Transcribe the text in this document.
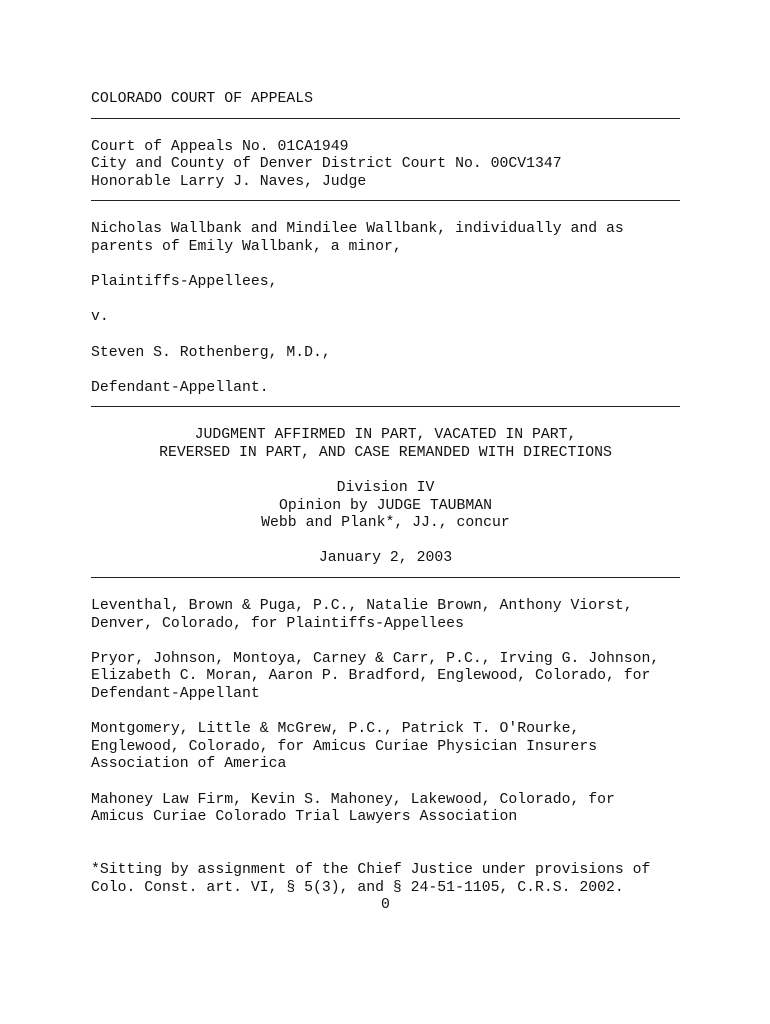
COLORADO COURT OF APPEALS
Court of Appeals No. 01CA1949
City and County of Denver District Court No. 00CV1347
Honorable Larry J. Naves, Judge
Nicholas Wallbank and Mindilee Wallbank, individually and as
parents of Emily Wallbank, a minor,
Plaintiffs-Appellees,
v.
Steven S. Rothenberg, M.D.,
Defendant-Appellant.
JUDGMENT AFFIRMED IN PART, VACATED IN PART,
REVERSED IN PART, AND CASE REMANDED WITH DIRECTIONS
Division IV
Opinion by JUDGE TAUBMAN
Webb and Plank*, JJ., concur
January 2, 2003
Leventhal, Brown & Puga, P.C., Natalie Brown, Anthony Viorst,
Denver, Colorado, for Plaintiffs-Appellees
Pryor, Johnson, Montoya, Carney & Carr, P.C., Irving G. Johnson,
Elizabeth C. Moran, Aaron P. Bradford, Englewood, Colorado, for
Defendant-Appellant
Montgomery, Little & McGrew, P.C., Patrick T. O'Rourke,
Englewood, Colorado, for Amicus Curiae Physician Insurers
Association of America
Mahoney Law Firm, Kevin S. Mahoney, Lakewood, Colorado, for
Amicus Curiae Colorado Trial Lawyers Association
*Sitting by assignment of the Chief Justice under provisions of
Colo. Const. art. VI, § 5(3), and § 24-51-1105, C.R.S. 2002.
0
